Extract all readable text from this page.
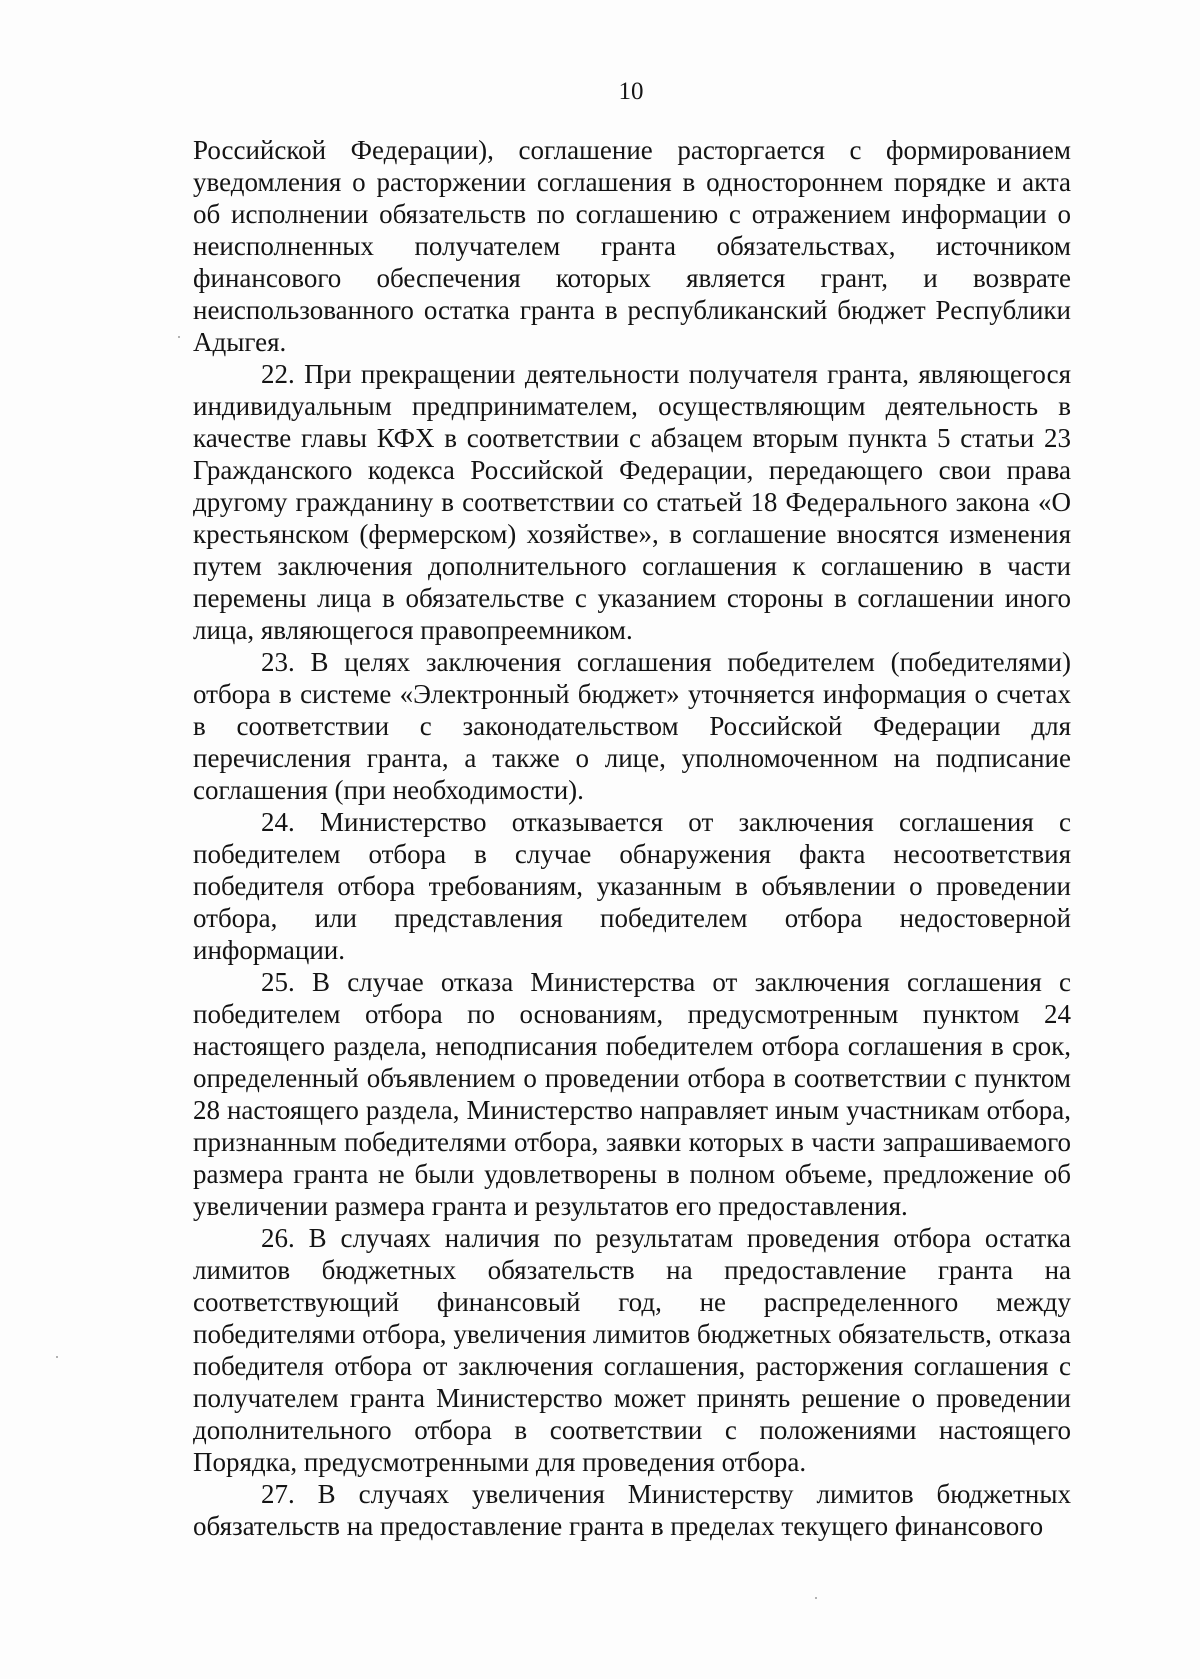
10

Российской Федерации), соглашение расторгается с формированием уведомления о расторжении соглашения в одностороннем порядке и акта об исполнении обязательств по соглашению с отражением информации о неисполненных получателем гранта обязательствах, источником финансового обеспечения которых является грант, и возврате неиспользованного остатка гранта в республиканский бюджет Республики Адыгея.

22. При прекращении деятельности получателя гранта, являющегося индивидуальным предпринимателем, осуществляющим деятельность в качестве главы КФХ в соответствии с абзацем вторым пункта 5 статьи 23 Гражданского кодекса Российской Федерации, передающего свои права другому гражданину в соответствии со статьей 18 Федерального закона «О крестьянском (фермерском) хозяйстве», в соглашение вносятся изменения путем заключения дополнительного соглашения к соглашению в части перемены лица в обязательстве с указанием стороны в соглашении иного лица, являющегося правопреемником.

23. В целях заключения соглашения победителем (победителями) отбора в системе «Электронный бюджет» уточняется информация о счетах в соответствии с законодательством Российской Федерации для перечисления гранта, а также о лице, уполномоченном на подписание соглашения (при необходимости).

24. Министерство отказывается от заключения соглашения с победителем отбора в случае обнаружения факта несоответствия победителя отбора требованиям, указанным в объявлении о проведении отбора, или представления победителем отбора недостоверной информации.

25. В случае отказа Министерства от заключения соглашения с победителем отбора по основаниям, предусмотренным пунктом 24 настоящего раздела, неподписания победителем отбора соглашения в срок, определенный объявлением о проведении отбора в соответствии с пунктом 28 настоящего раздела, Министерство направляет иным участникам отбора, признанным победителями отбора, заявки которых в части запрашиваемого размера гранта не были удовлетворены в полном объеме, предложение об увеличении размера гранта и результатов его предоставления.

26. В случаях наличия по результатам проведения отбора остатка лимитов бюджетных обязательств на предоставление гранта на соответствующий финансовый год, не распределенного между победителями отбора, увеличения лимитов бюджетных обязательств, отказа победителя отбора от заключения соглашения, расторжения соглашения с получателем гранта Министерство может принять решение о проведении дополнительного отбора в соответствии с положениями настоящего Порядка, предусмотренными для проведения отбора.

27. В случаях увеличения Министерству лимитов бюджетных обязательств на предоставление гранта в пределах текущего финансового
